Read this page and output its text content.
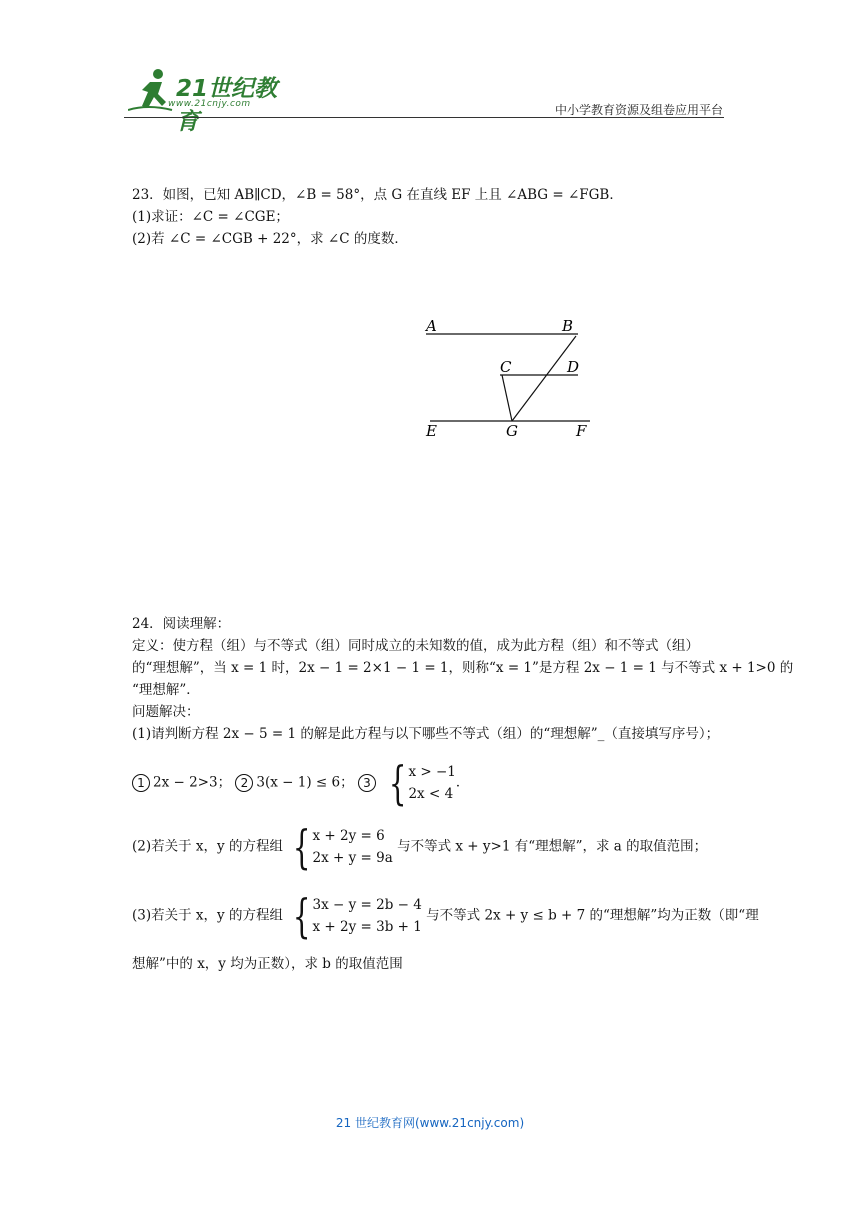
21世纪教育
www.21cnjy.com	中小学教育资源及组卷应用平台
23．如图，已知 AB∥CD，∠B = 58°，点 G 在直线 EF 上且 ∠ABG = ∠FGB．
(1)求证：∠C = ∠CGE；
(2)若 ∠C = ∠CGB + 22°，求 ∠C 的度数．
A	B
C	D
E	G	F
24．阅读理解：
定义：使方程（组）与不等式（组）同时成立的未知数的值，成为此方程（组）和不等式（组）
的“理想解”，当 x = 1 时，2x − 1 = 2×1 − 1 = 1，则称“x = 1”是方程 2x − 1 = 1 与不等式 x + 1>0 的
“理想解”．
问题解决：
(1)请判断方程 2x − 5 = 1 的解是此方程与以下哪些不等式（组）的“理想解”_（直接填写序号）；
1 2x − 2>3； 2 3(x − 1) ≤ 6； 3 { x > −1
2x < 4
．
(2)若关于 x，y 的方程组 { x + 2y = 6
2x + y = 9a
与不等式 x + y>1 有“理想解”，求 a 的取值范围；
(3)若关于 x，y 的方程组 { 3x − y = 2b − 4
x + 2y = 3b + 1
与不等式 2x + y ≤ b + 7 的“理想解”均为正数（即“理
想解”中的 x，y 均为正数），求 b 的取值范围
21 世纪教育网(www.21cnjy.com)
